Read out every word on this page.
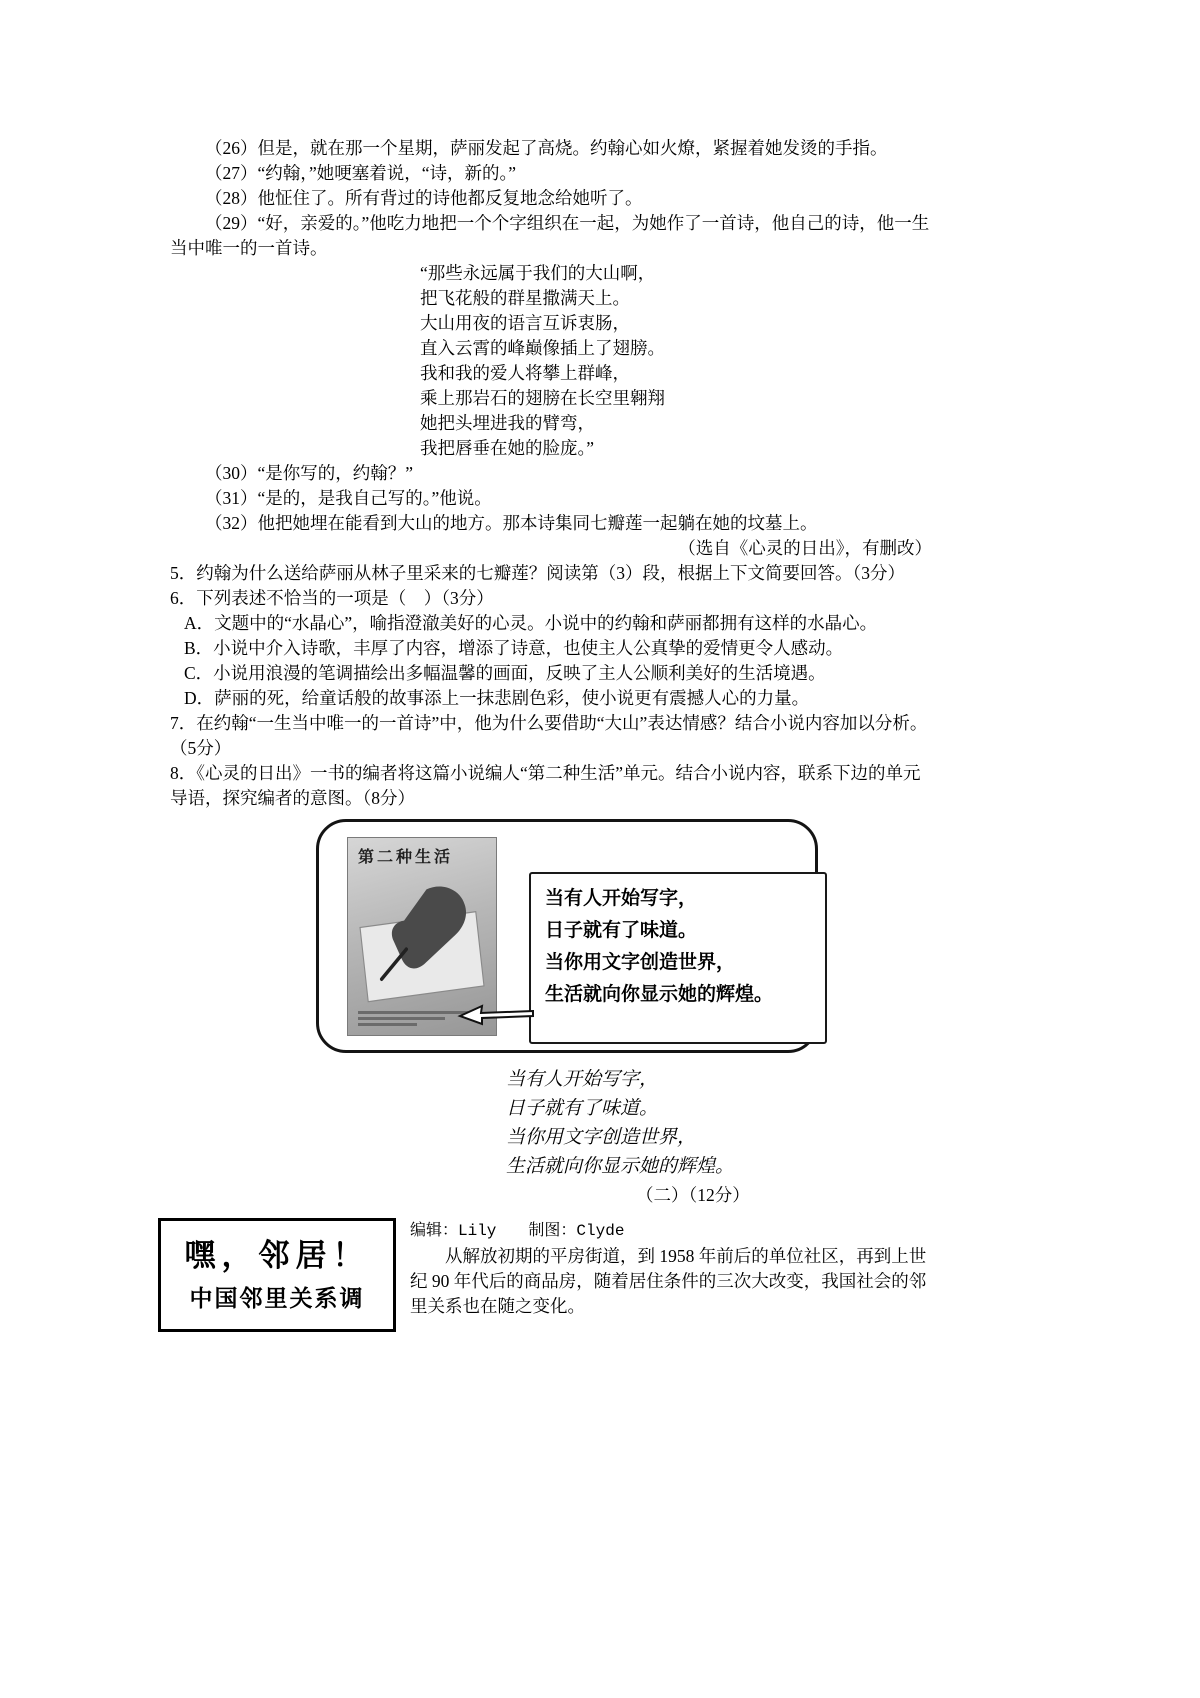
（26）但是，就在那一个星期，萨丽发起了高烧。约翰心如火燎，紧握着她发烫的手指。

（27）“约翰，”她哽塞着说，“诗，新的。”

（28）他怔住了。所有背过的诗他都反复地念给她听了。

（29）“好，亲爱的。”他吃力地把一个个字组织在一起，为她作了一首诗，他自己的诗，他一生当中唯一的一首诗。

“那些永远属于我们的大山啊，

把飞花般的群星撒满天上。

大山用夜的语言互诉衷肠，

直入云霄的峰巅像插上了翅膀。

我和我的爱人将攀上群峰，

乘上那岩石的翅膀在长空里翱翔

她把头埋进我的臂弯，

我把唇垂在她的脸庞。”

（30）“是你写的，约翰？”

（31）“是的，是我自己写的。”他说。

（32）他把她埋在能看到大山的地方。那本诗集同七瓣莲一起躺在她的坟墓上。

（选自《心灵的日出》，有删改）

5．约翰为什么送给萨丽从林子里采来的七瓣莲？阅读第（3）段，根据上下文简要回答。（3分）

6．下列表述不恰当的一项是（　）（3分）

A．文题中的“水晶心”，喻指澄澈美好的心灵。小说中的约翰和萨丽都拥有这样的水晶心。

B．小说中介入诗歌，丰厚了内容，增添了诗意，也使主人公真挚的爱情更令人感动。

C．小说用浪漫的笔调描绘出多幅温馨的画面，反映了主人公顺利美好的生活境遇。

D．萨丽的死，给童话般的故事添上一抹悲剧色彩，使小说更有震撼人心的力量。

7．在约翰“一生当中唯一的一首诗”中，他为什么要借助“大山”表达情感？结合小说内容加以分析。（5分）

8．《心灵的日出》一书的编者将这篇小说编人“第二种生活”单元。结合小说内容，联系下边的单元导语，探究编者的意图。（8分）

第二种生活

当有人开始写字，

日子就有了味道。

当你用文字创造世界，

生活就向你显示她的辉煌。

当有人开始写字，

日子就有了味道。

当你用文字创造世界，

生活就向你显示她的辉煌。

（二）（12分）

嘿，邻居！
中国邻里关系调

编辑：Lily　　制图：Clyde

从解放初期的平房街道，到 1958 年前后的单位社区，再到上世纪 90 年代后的商品房，随着居住条件的三次大改变，我国社会的邻里关系也在随之变化。
